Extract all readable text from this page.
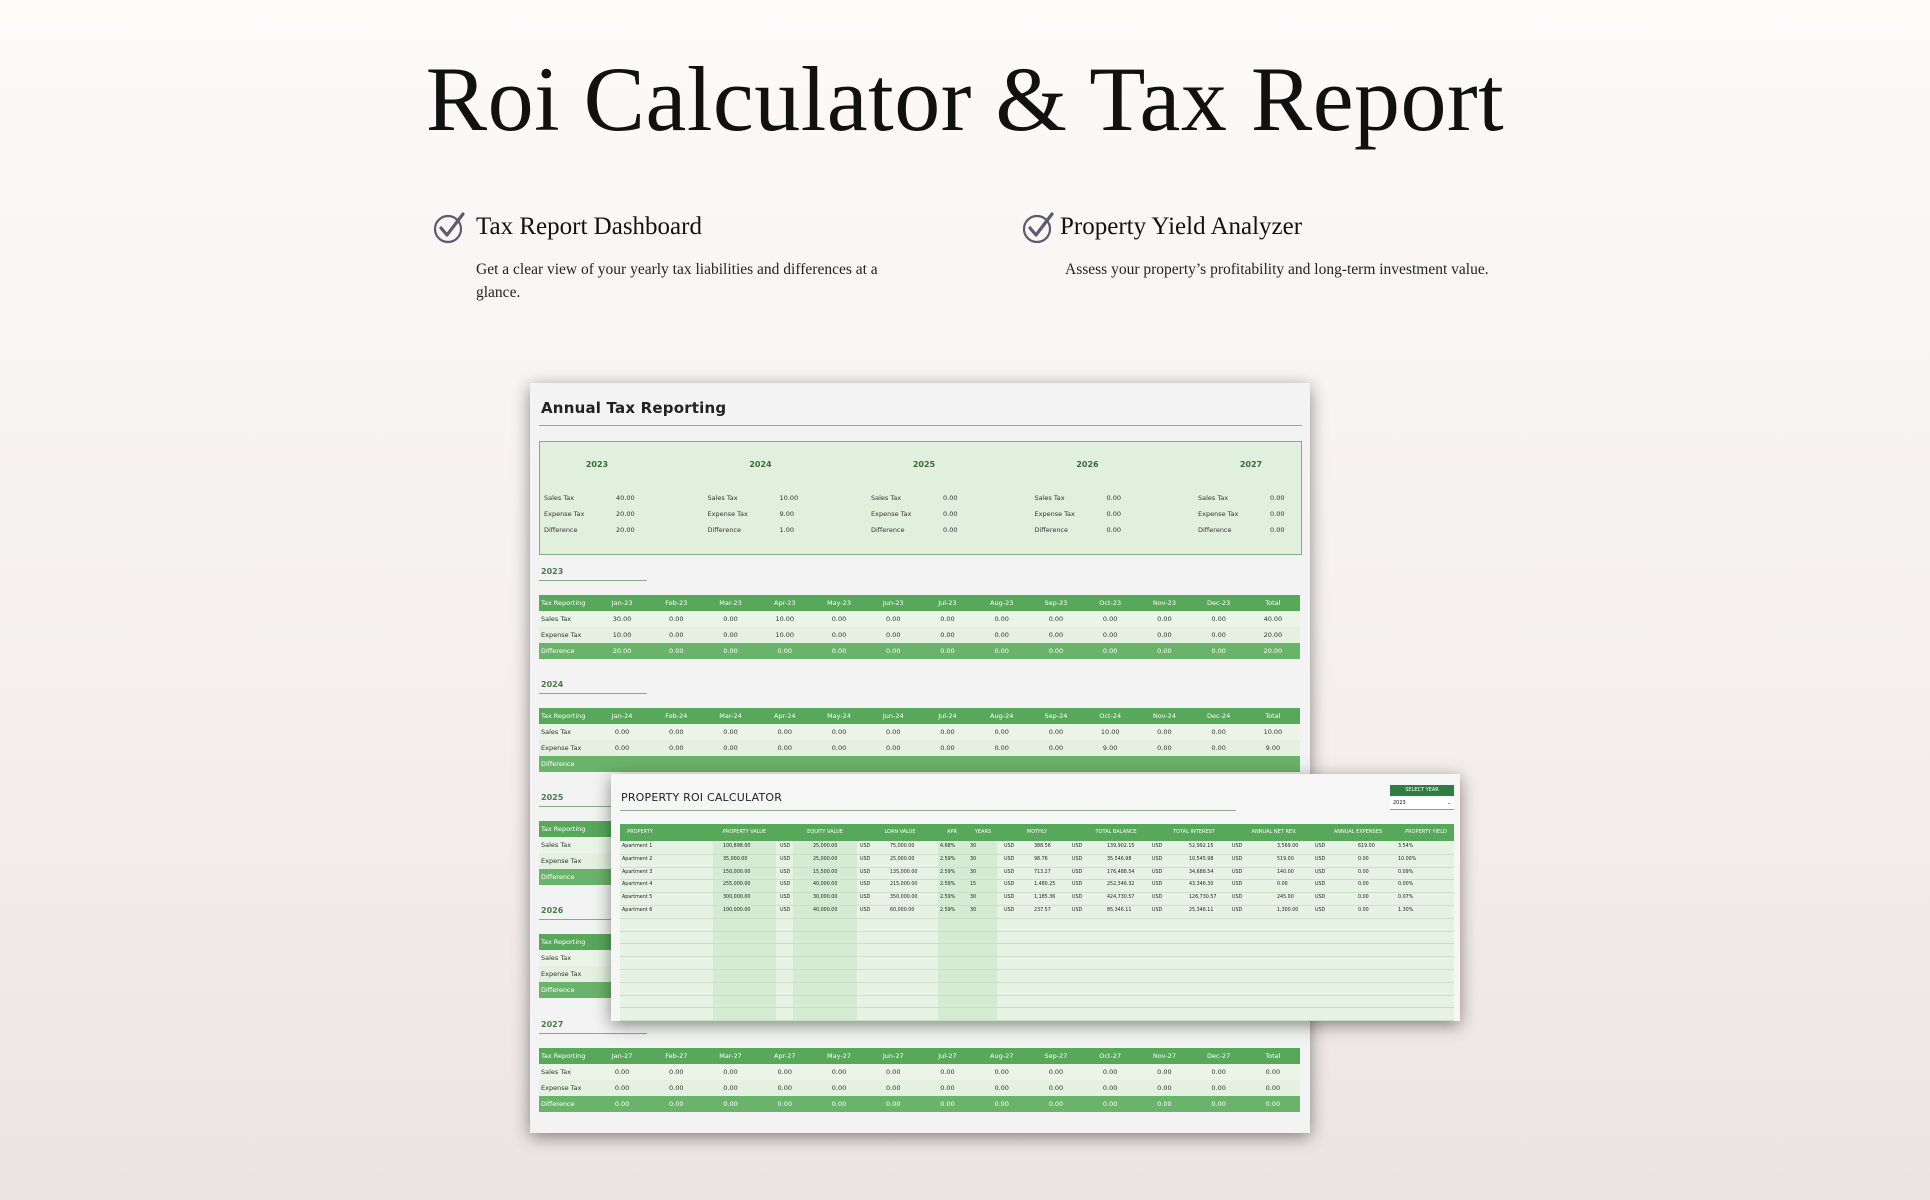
Roi Calculator & Tax Report
Tax Report Dashboard

Get a clear view of your yearly tax liabilities and differences at a glance.

Property Yield Analyzer

Assess your property’s profitability and long-term investment value.

Annual Tax Reporting
2023
Sales Tax	40.00
Expense Tax	20.00
Difference	20.00
2024
Sales Tax	10.00
Expense Tax	9.00
Difference	1.00
2025
Sales Tax	0.00
Expense Tax	0.00
Difference	0.00
2026
Sales Tax	0.00
Expense Tax	0.00
Difference	0.00
2027
Sales Tax	0.00
Expense Tax	0.00
Difference	0.00
2023
Tax Reporting	Jan-23	Feb-23	Mar-23	Apr-23	May-23	Jun-23	Jul-23	Aug-23	Sep-23	Oct-23	Nov-23	Dec-23	Total
Sales Tax	30.00	0.00	0.00	10.00	0.00	0.00	0.00	0.00	0.00	0.00	0.00	0.00	40.00
Expense Tax	10.00	0.00	0.00	10.00	0.00	0.00	0.00	0.00	0.00	0.00	0.00	0.00	20.00
Difference	20.00	0.00	0.00	0.00	0.00	0.00	0.00	0.00	0.00	0.00	0.00	0.00	20.00
2024
Tax Reporting	Jan-24	Feb-24	Mar-24	Apr-24	May-24	Jun-24	Jul-24	Aug-24	Sep-24	Oct-24	Nov-24	Dec-24	Total
Sales Tax	0.00	0.00	0.00	0.00	0.00	0.00	0.00	0.00	0.00	10.00	0.00	0.00	10.00
Expense Tax	0.00	0.00	0.00	0.00	0.00	0.00	0.00	0.00	0.00	9.00	0.00	0.00	9.00
Difference
2025
Tax Reporting
Sales Tax
Expense Tax
Difference
2026
Tax Reporting
Sales Tax
Expense Tax
Difference
2027
Tax Reporting	Jan-27	Feb-27	Mar-27	Apr-27	May-27	Jun-27	Jul-27	Aug-27	Sep-27	Oct-27	Nov-27	Dec-27	Total
Sales Tax	0.00	0.00	0.00	0.00	0.00	0.00	0.00	0.00	0.00	0.00	0.00	0.00	0.00
Expense Tax	0.00	0.00	0.00	0.00	0.00	0.00	0.00	0.00	0.00	0.00	0.00	0.00	0.00
Difference	0.00	0.00	0.00	0.00	0.00	0.00	0.00	0.00	0.00	0.00	0.00	0.00	0.00
PROPERTY ROI CALCULATOR
SELECT YEAR
2023	⌄
PROPERTY	PROPERTY VALUE	EQUITY VALUE	LOAN VALUE	APR	YEARS	MOTHLY	TOTAL BALANCE	TOTAL INTEREST	ANNUAL NET REV.	ANNUAL EXPENSES	PROPERTY YIELD
Apartment 1	100,898.00	USD	25,000.00	USD	75,000.00	4.68%	30	USD	388.56	USD	139,902.15	USD	52,992.15	USD	3,569.00	USD	619.00	3.54%
Apartment 2	35,000.00	USD	25,000.00	USD	25,000.00	2.59%	30	USD	98.76	USD	35,546.98	USD	10,545.98	USD	519.00	USD	0.00	10.00%
Apartment 3	150,000.00	USD	15,500.00	USD	135,000.00	2.59%	30	USD	713.27	USD	176,488.54	USD	34,688.54	USD	140.00	USD	0.00	0.09%
Apartment 4	255,000.00	USD	40,000.00	USD	215,000.00	2.59%	15	USD	1,480.25	USD	252,346.32	USD	43,346.30	USD	0.00	USD	0.00	0.00%
Apartment 5	300,000.00	USD	30,000.00	USD	350,000.00	2.59%	30	USD	1,185.36	USD	424,730.57	USD	126,730.57	USD	245.00	USD	0.00	0.07%
Apartment 6	100,000.00	USD	40,000.00	USD	60,000.00	2.59%	30	USD	237.57	USD	85,346.11	USD	25,346.11	USD	1,300.00	USD	0.00	1.30%
